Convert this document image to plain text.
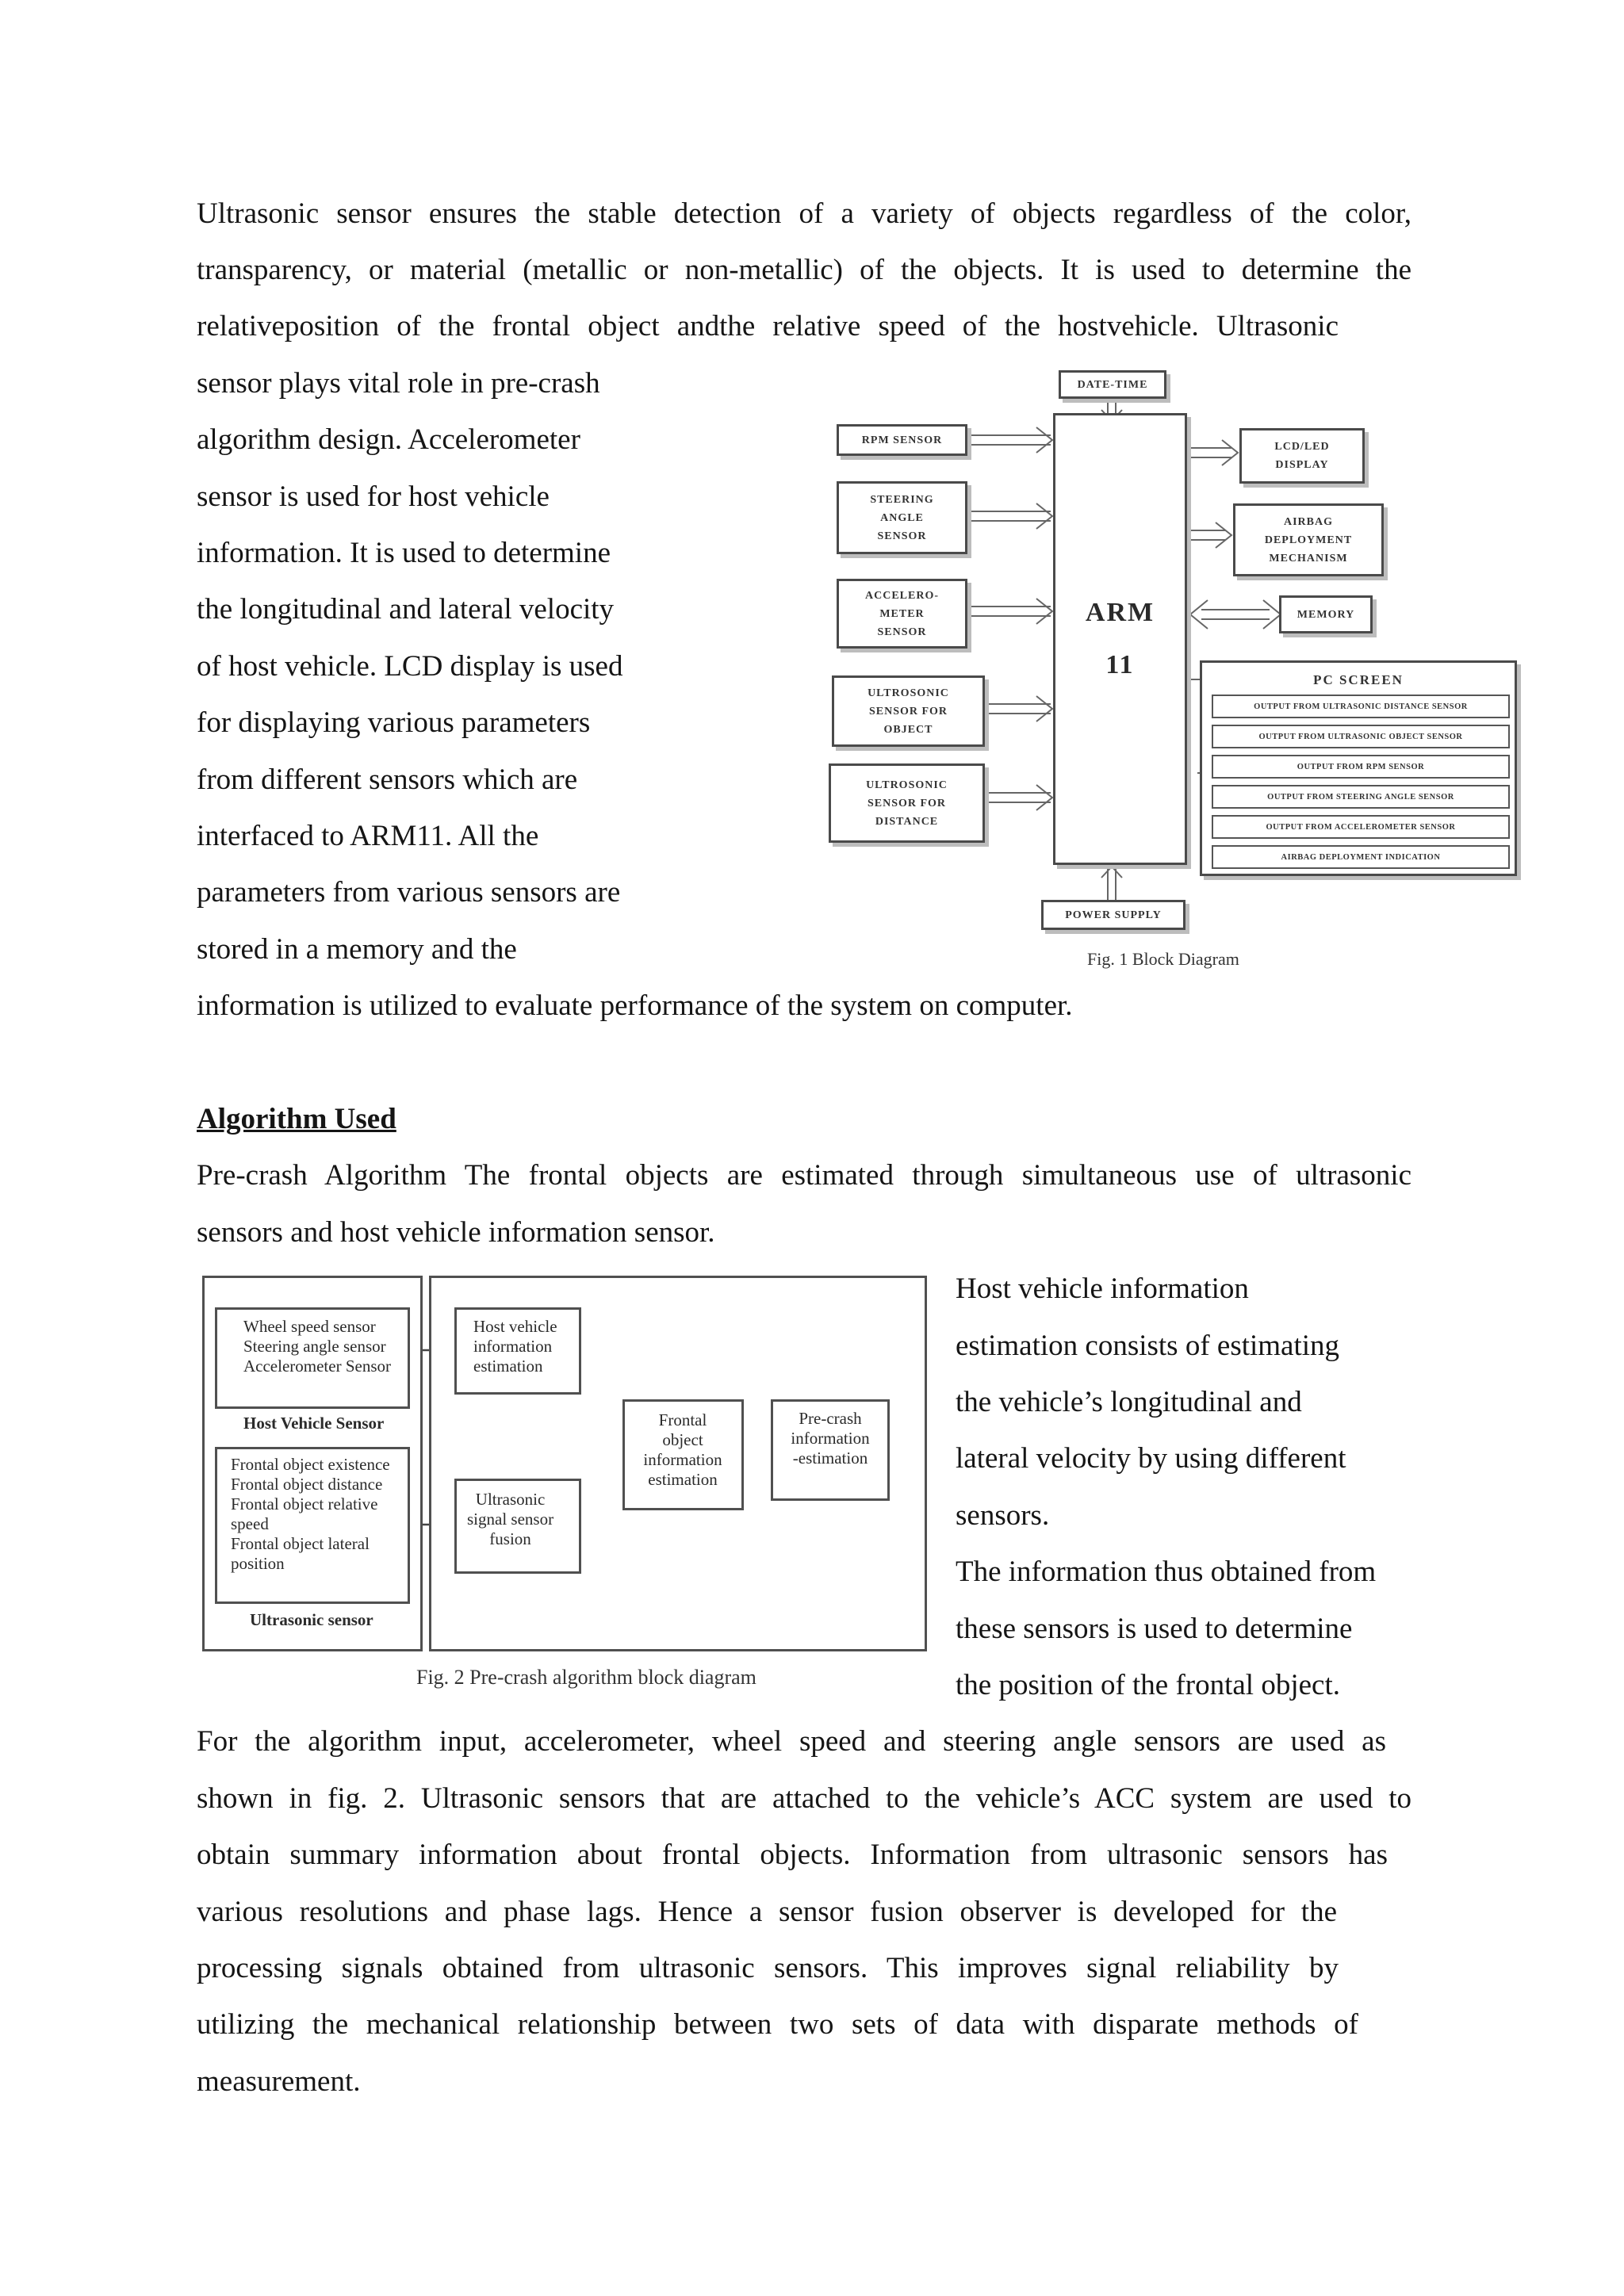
Ultrasonic sensor ensures the stable detection of a variety of objects regardless of the color,
transparency, or material (metallic or non-metallic) of the objects. It is used to determine the
relativeposition of the frontal object andthe relative speed of the hostvehicle. Ultrasonic
sensor plays vital role in pre-crash
algorithm design. Accelerometer
sensor is used for host vehicle
information. It is used to determine
the longitudinal and lateral velocity
of host vehicle. LCD display is used
for displaying various parameters
from different sensors which are
interfaced to ARM11. All the
parameters from various sensors are
stored in a memory and the
information is utilized to evaluate performance of the system on computer.
DATE-TIME
RPM SENSOR
STEERING
ANGLE
SENSOR
ACCELERO-
METER
SENSOR
ULTROSONIC
SENSOR FOR
OBJECT
ULTROSONIC
SENSOR FOR
DISTANCE
ARM
11
LCD/LED
DISPLAY
AIRBAG
DEPLOYMENT
MECHANISM
MEMORY

PC SCREEN

OUTPUT FROM ULTRASONIC DISTANCE SENSOR

OUTPUT FROM ULTRASONIC OBJECT SENSOR

OUTPUT FROM RPM SENSOR

OUTPUT FROM STEERING ANGLE SENSOR

OUTPUT FROM ACCELEROMETER SENSOR

AIRBAG DEPLOYMENT INDICATION

POWER SUPPLY
Fig. 1 Block Diagram
Algorithm Used
Pre-crash Algorithm The frontal objects are estimated through simultaneous use of ultrasonic
sensors and host vehicle information sensor.
Wheel speed sensor
Steering angle sensor
Accelerometer Sensor
Host Vehicle Sensor
Frontal object existence
Frontal object distance
Frontal object relative
speed
Frontal object lateral
position
Ultrasonic sensor
Host vehicle
information
estimation
Ultrasonic
signal sensor
fusion
Frontal
object
information
estimation
Pre-crash
information
-estimation
Fig. 2 Pre-crash algorithm block diagram
Host vehicle information
estimation consists of estimating
the vehicle’s longitudinal and
lateral velocity by using different
sensors.
The information thus obtained from
these sensors is used to determine
the position of the frontal object.
For the algorithm input, accelerometer, wheel speed and steering angle sensors are used as
shown in fig. 2. Ultrasonic sensors that are attached to the vehicle’s ACC system are used to
obtain summary information about frontal objects. Information from ultrasonic sensors has
various resolutions and phase lags. Hence a sensor fusion observer is developed for the
processing signals obtained from ultrasonic sensors. This improves signal reliability by
utilizing the mechanical relationship between two sets of data with disparate methods of
measurement.
